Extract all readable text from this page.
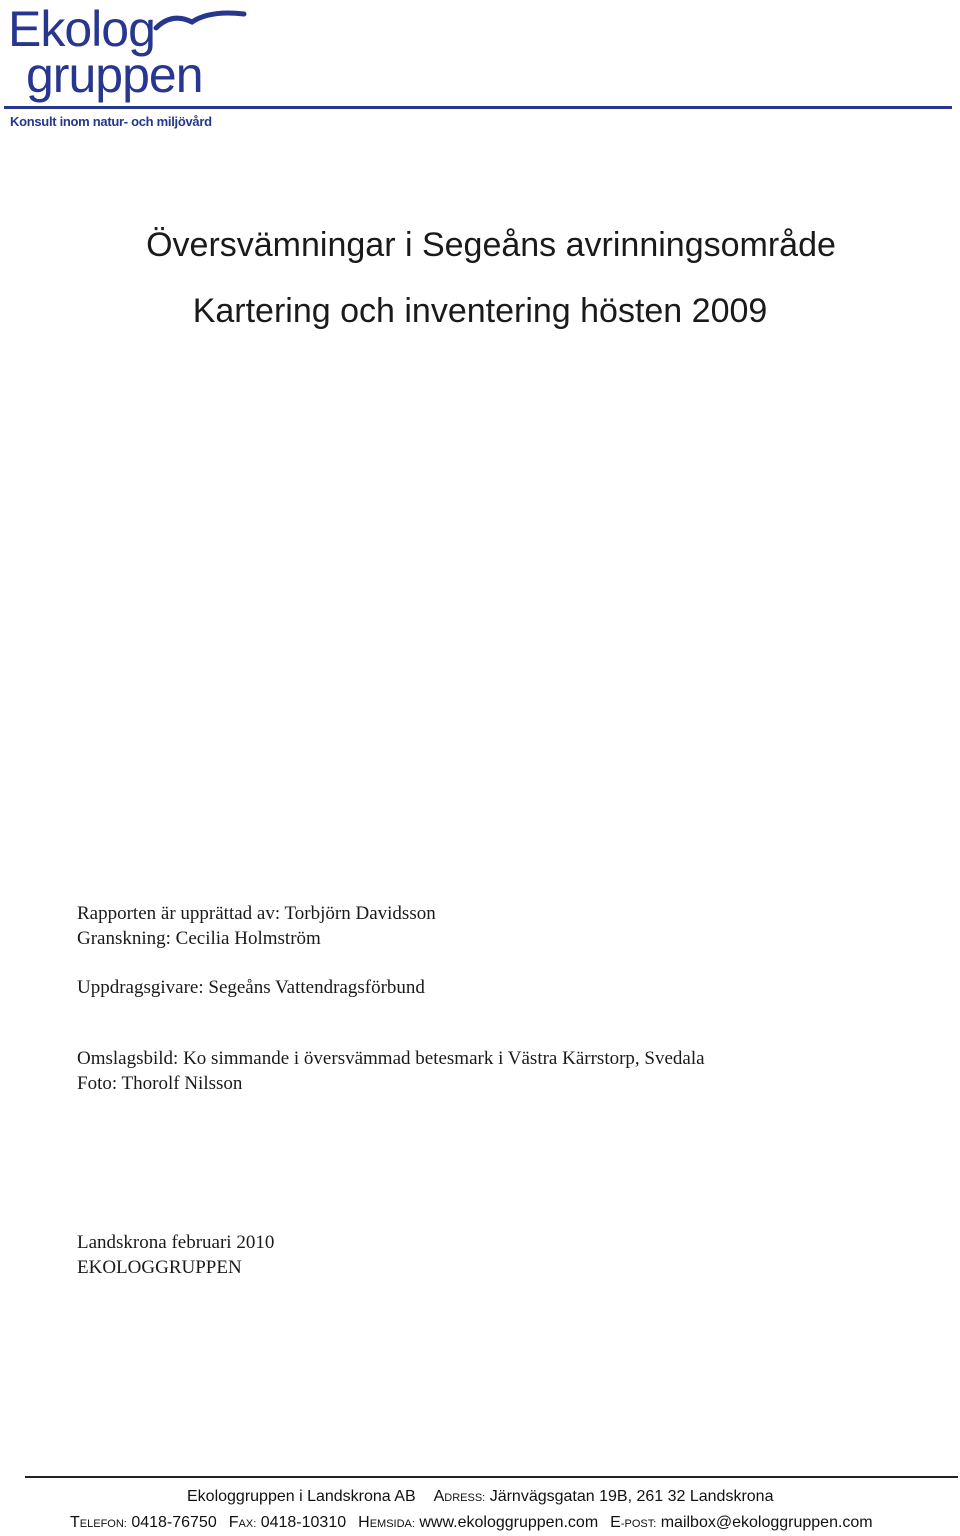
Ekolog
gruppen
Konsult inom natur- och miljövård
Översvämningar i Segeåns avrinningsområde
Kartering och inventering hösten 2009
Rapporten är upprättad av: Torbjörn Davidsson
Granskning: Cecilia Holmström
Uppdragsgivare: Segeåns Vattendragsförbund
Omslagsbild: Ko simmande i översvämmad betesmark i Västra Kärrstorp, Svedala
Foto: Thorolf Nilsson
Landskrona februari 2010
EKOLOGGRUPPEN
Ekologgruppen i Landskrona AB ADRESS: Järnvägsgatan 19B, 261 32 Landskrona
TELEFON: 0418-76750 FAX: 0418-10310 HEMSIDA: www.ekologgruppen.com E-POST: mailbox@ekologgruppen.com
